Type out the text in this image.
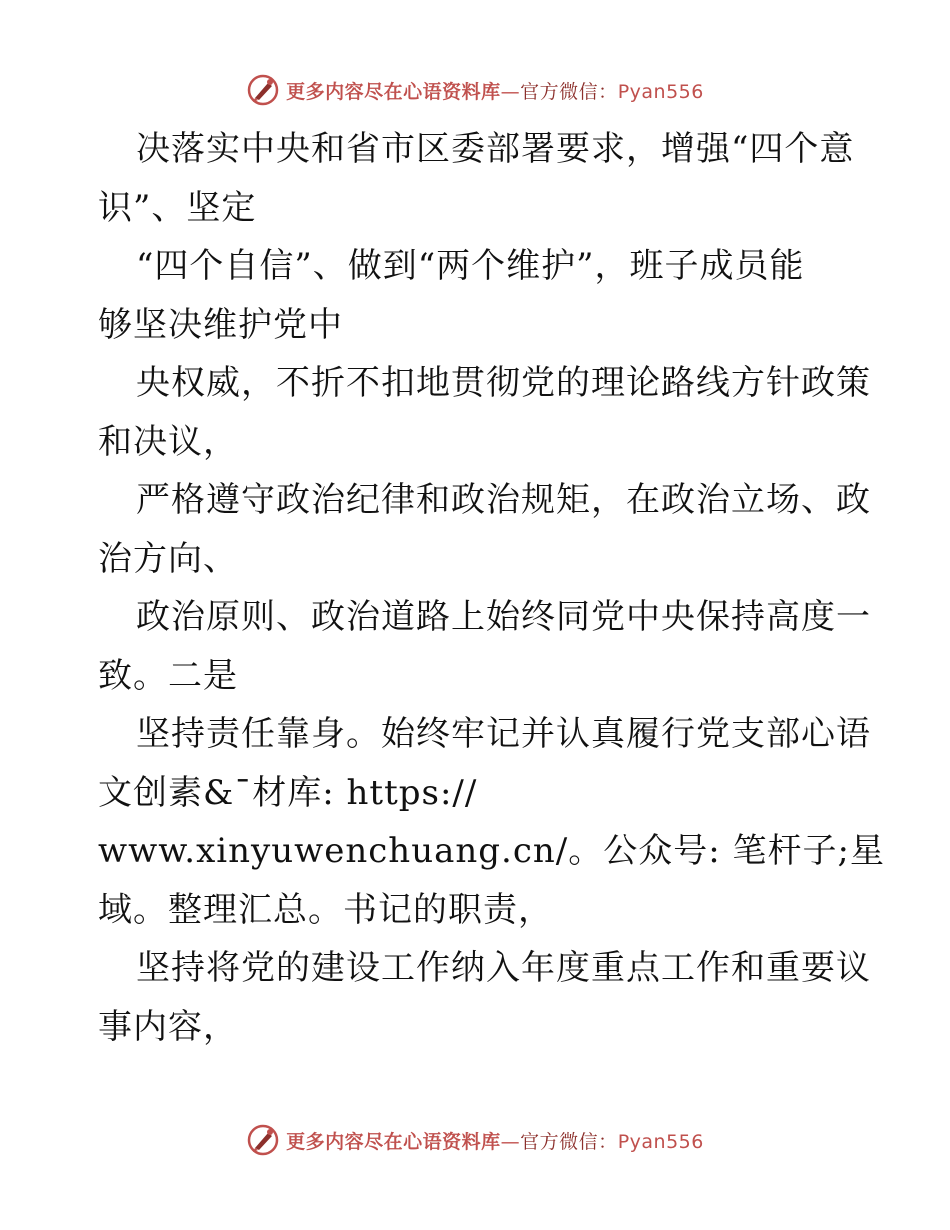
更多内容尽在心语资料库—官方微信：Pyan556
决落实中央和省市区委部署要求，增强“四个意
识”、坚定
“四个自信”、做到“两个维护”，班子成员能
够坚决维护党中
央权威，不折不扣地贯彻党的理论路线方针政策
和决议，
严格遵守政治纪律和政治规矩，在政治立场、政
治方向、
政治原则、政治道路上始终同党中央保持高度一
致。二是
坚持责任靠身。始终牢记并认真履行党支部心语
文创素&¯材库: https://
www.xinyuwenchuang.cn/。公众号: 笔杆子;星
域。整理汇总。书记的职责，
坚持将党的建设工作纳入年度重点工作和重要议
事内容，
更多内容尽在心语资料库—官方微信：Pyan556
